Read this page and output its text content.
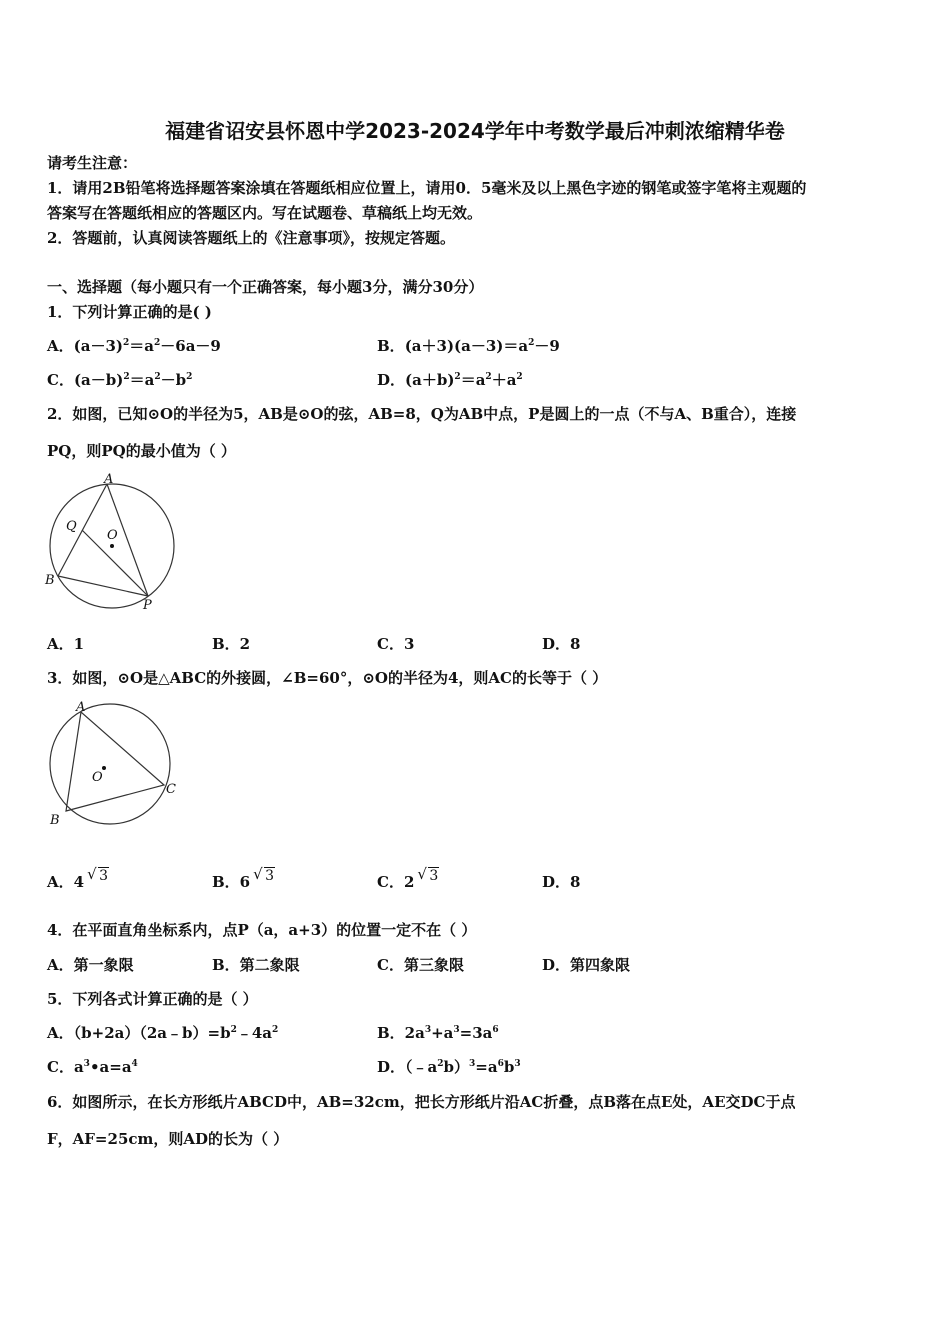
福建省诏安县怀恩中学2023-2024学年中考数学最后冲刺浓缩精华卷
请考生注意：
1．请用2B铅笔将选择题答案涂填在答题纸相应位置上，请用0．5毫米及以上黑色字迹的钢笔或签字笔将主观题的
答案写在答题纸相应的答题区内。写在试题卷、草稿纸上均无效。
2．答题前，认真阅读答题纸上的《注意事项》，按规定答题。
一、选择题（每小题只有一个正确答案，每小题3分，满分30分）
1．下列计算正确的是( )
A．$(a-3)^2=a^2-6a-9$	B．$(a+3)(a-3)=a^2-9$
C．$(a-b)^2=a^2-b^2$	D．$(a+b)^2=a^2+a^2$
2．如图，已知⊙O的半径为5，AB是⊙O的弦，AB=8，Q为AB中点，P是圆上的一点（不与A、B重合），连接
PQ，则PQ的最小值为（ ）
A
Q
O
B
P
A．1	B．2	C．3	D．8
3．如图，⊙O是△ABC的外接圆，∠B=60°，⊙O的半径为4，则AC的长等于（ ）
A
O
B
C
A．4 √ 3	B．6 √ 3	C．2 √ 3	D．8
4．在平面直角坐标系内，点P（a，a+3）的位置一定不在（ ）
A．第一象限	B．第二象限	C．第三象限	D．第四象限
5．下列各式计算正确的是（ ）
A．$(b+2a)(2a﹣b)=b^2﹣4a^2$	B．$2a^3+a^3=3a^6$
C．$a^3•a=a^4$	D．$(﹣a^2b)^3=a^6b^3$
6．如图所示，在长方形纸片ABCD中，AB=32cm，把长方形纸片沿AC折叠，点B落在点E处，AE交DC于点
F，AF=25cm，则AD的长为（ ）
